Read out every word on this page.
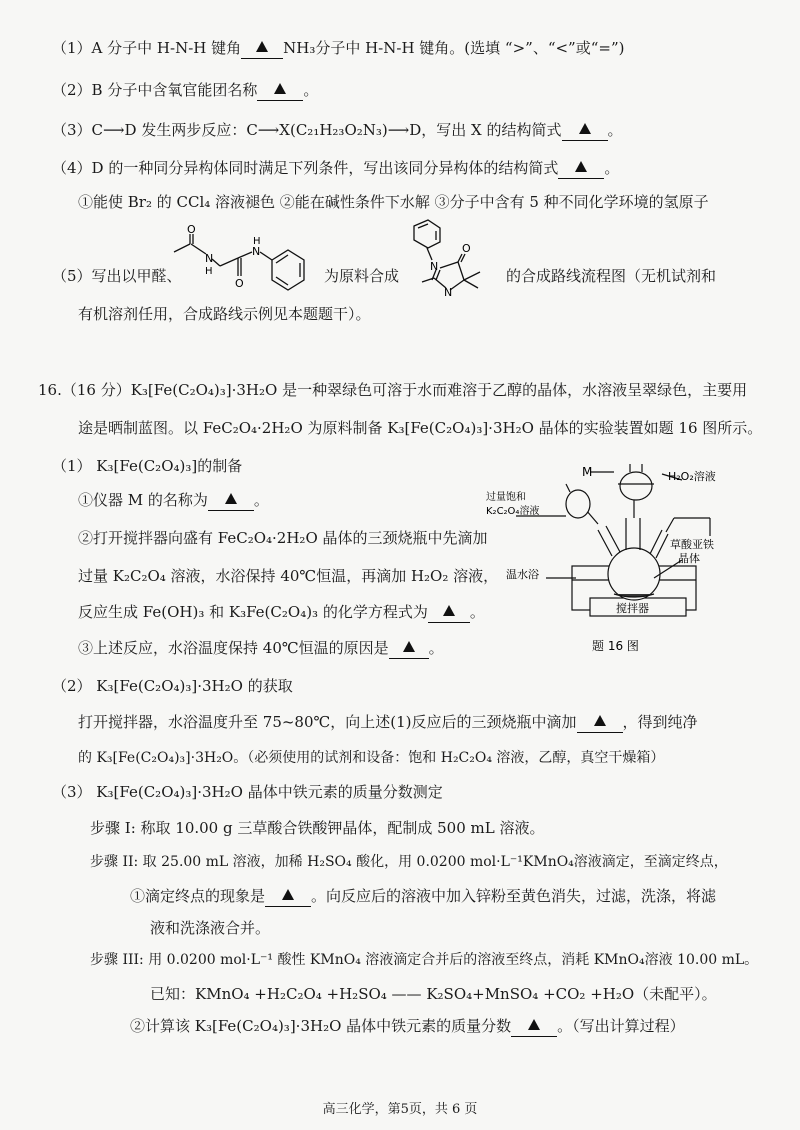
（1）A 分子中 H-N-H 键角	NH₃分子中 H-N-H 键角。(选填 “>”、“<”或“=”)
（2）B 分子中含氧官能团名称	。
（3）C⟶D 发生两步反应：C⟶X(C₂₁H₂₃O₂N₃)⟶D，写出 X 的结构简式	。
（4）D 的一种同分异构体同时满足下列条件，写出该同分异构体的结构简式	。
①能使 Br₂ 的 CCl₄ 溶液褪色 ②能在碱性条件下水解 ③分子中含有 5 种不同化学环境的氢原子
（5）写出以甲醛、
O
N
H
O
N
H
为原料合成
N
N
O
的合成路线流程图（无机试剂和
有机溶剂任用，合成路线示例见本题题干）。
16.（16 分）K₃[Fe(C₂O₄)₃]·3H₂O 是一种翠绿色可溶于水而难溶于乙醇的晶体，水溶液呈翠绿色，主要用
途是晒制蓝图。以 FeC₂O₄·2H₂O 为原料制备 K₃[Fe(C₂O₄)₃]·3H₂O 晶体的实验装置如题 16 图所示。
（1） K₃[Fe(C₂O₄)₃]的制备
①仪器 M 的名称为	。
②打开搅拌器向盛有 FeC₂O₄·2H₂O 晶体的三颈烧瓶中先滴加
过量 K₂C₂O₄ 溶液，水浴保持 40℃恒温，再滴加 H₂O₂ 溶液，
反应生成 Fe(OH)₃ 和 K₃Fe(C₂O₄)₃ 的化学方程式为	。
③上述反应，水浴温度保持 40℃恒温的原因是	。
M	H₂O₂溶液
过量饱和
K₂C₂O₄溶液
草酸亚铁
晶体
温水浴
搅拌器
题 16 图
（2） K₃[Fe(C₂O₄)₃]·3H₂O 的获取
打开搅拌器，水浴温度升至 75~80℃，向上述(1)反应后的三颈烧瓶中滴加	，得到纯净
的 K₃[Fe(C₂O₄)₃]·3H₂O。（必须使用的试剂和设备：饱和 H₂C₂O₄ 溶液，乙醇，真空干燥箱）
（3） K₃[Fe(C₂O₄)₃]·3H₂O 晶体中铁元素的质量分数测定
步骤 I: 称取 10.00 g 三草酸合铁酸钾晶体，配制成 500 mL 溶液。
步骤 II: 取 25.00 mL 溶液，加稀 H₂SO₄ 酸化，用 0.0200 mol·L⁻¹KMnO₄溶液滴定，至滴定终点，
①滴定终点的现象是	。向反应后的溶液中加入锌粉至黄色消失，过滤，洗涤，将滤
液和洗涤液合并。
步骤 III: 用 0.0200 mol·L⁻¹ 酸性 KMnO₄ 溶液滴定合并后的溶液至终点，消耗 KMnO₄溶液 10.00 mL。
已知：KMnO₄ +H₂C₂O₄ +H₂SO₄ —— K₂SO₄+MnSO₄ +CO₂ +H₂O（未配平）。
②计算该 K₃[Fe(C₂O₄)₃]·3H₂O 晶体中铁元素的质量分数	。（写出计算过程）
高三化学，第5页，共 6 页
